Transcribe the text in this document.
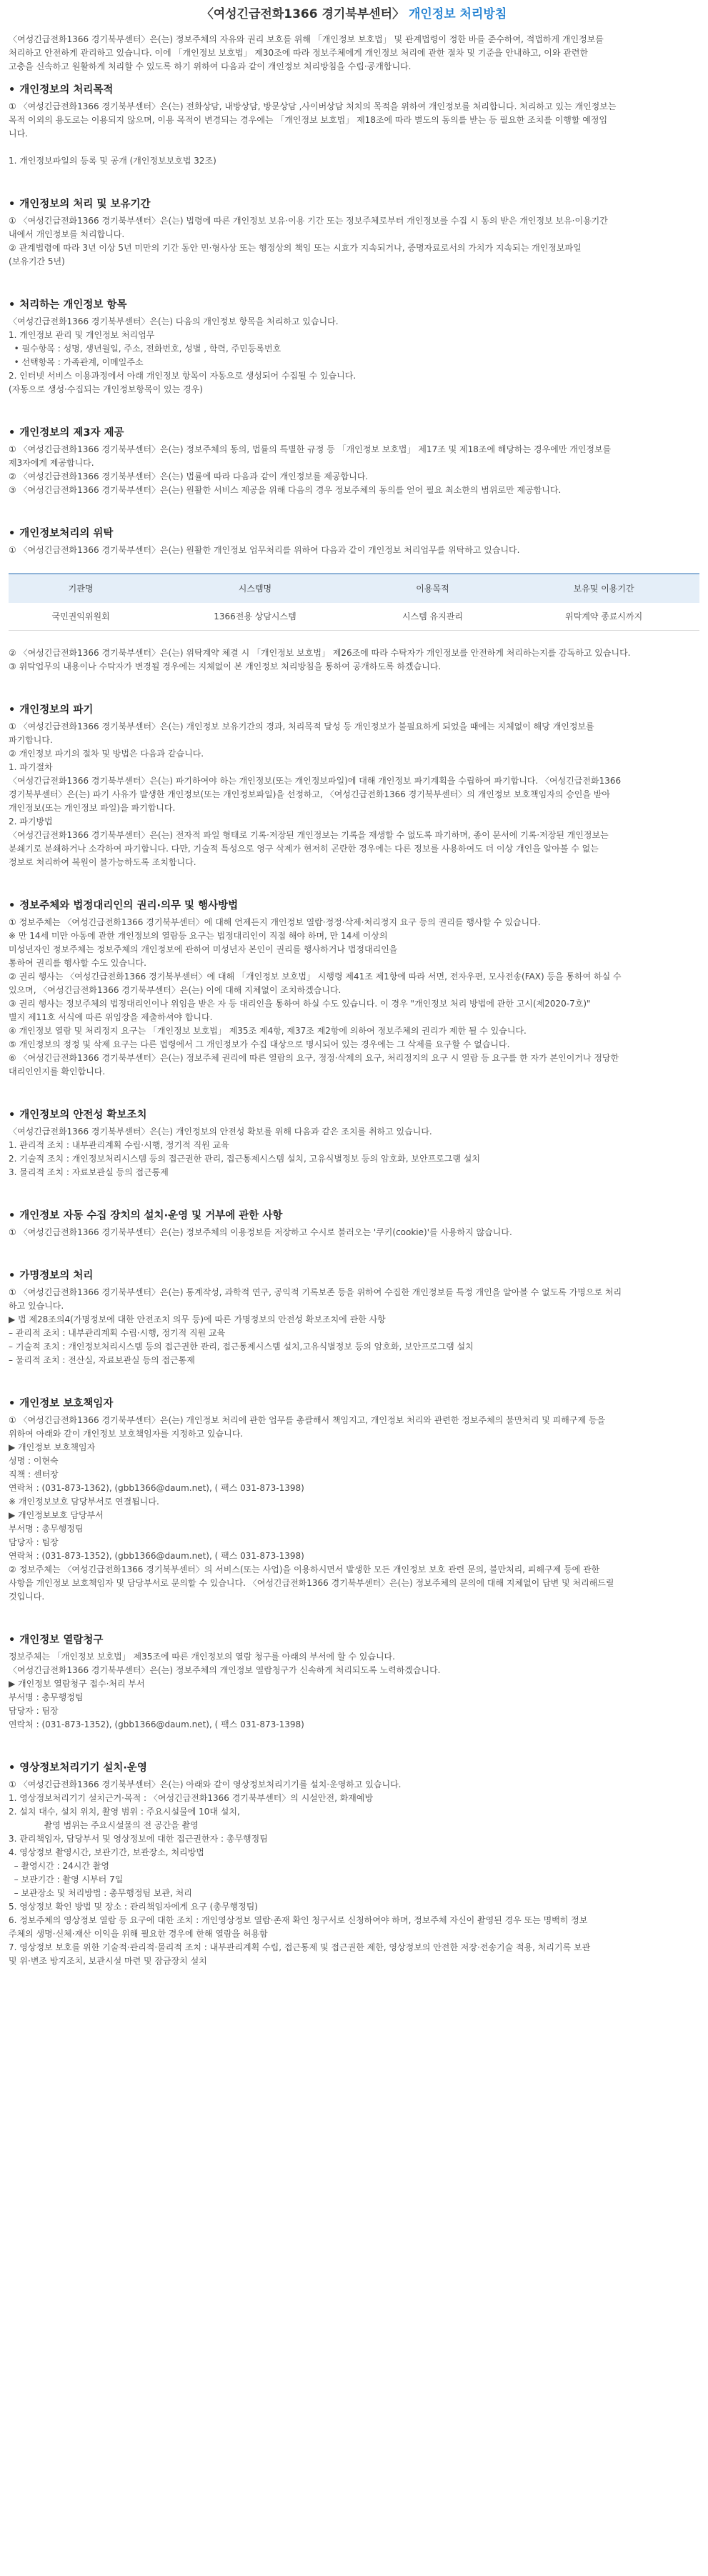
〈여성긴급전화1366 경기북부센터〉 개인정보 처리방침

〈여성긴급전화1366 경기북부센터〉은(는) 정보주체의 자유와 권리 보호를 위해 「개인정보 보호법」 및 관계법령이 정한 바를 준수하여, 적법하게 개인정보를

처리하고 안전하게 관리하고 있습니다. 이에 「개인정보 보호법」 제30조에 따라 정보주체에게 개인정보 처리에 관한 절차 및 기준을 안내하고, 이와 관련한

고충을 신속하고 원활하게 처리할 수 있도록 하기 위하여 다음과 같이 개인정보 처리방침을 수립·공개합니다.

• 개인정보의 처리목적

① 〈여성긴급전화1366 경기북부센터〉은(는) 전화상담, 내방상담, 방문상담 ,사이버상담 처치의 목적을 위하여 개인정보를 처리합니다. 처리하고 있는 개인정보는

목적 이외의 용도로는 이용되지 않으며, 이용 목적이 변경되는 경우에는 「개인정보 보호법」 제18조에 따라 별도의 동의를 받는 등 필요한 조치를 이행할 예정입

니다.

1. 개인정보파일의 등록 및 공개 (개인정보보호법 32조)

• 개인정보의 처리 및 보유기간

① 〈여성긴급전화1366 경기북부센터〉은(는) 법령에 따른 개인정보 보유·이용 기간 또는 정보주체로부터 개인정보를 수집 시 동의 받은 개인정보 보유·이용기간

내에서 개인정보를 처리합니다.

② 관계법령에 따라 3년 이상 5년 미만의 기간 동안 민·형사상 또는 행정상의 책임 또는 시효가 지속되거나, 증명자료로서의 가치가 지속되는 개인정보파일

(보유기간 5년)

• 처리하는 개인정보 항목

〈여성긴급전화1366 경기북부센터〉은(는) 다음의 개인정보 항목을 처리하고 있습니다.

1. 개인정보 관리 및 개인정보 처리업무

• 필수항목 : 성명, 생년월일, 주소, 전화번호, 성별 , 학력, 주민등록번호

• 선택항목 : 가족관계, 이메일주소

2. 인터넷 서비스 이용과정에서 아래 개인정보 항목이 자동으로 생성되어 수집될 수 있습니다.

(자동으로 생성·수집되는 개인정보항목이 있는 경우)

• 개인정보의 제3자 제공

① 〈여성긴급전화1366 경기북부센터〉은(는) 정보주체의 동의, 법률의 특별한 규정 등 「개인정보 보호법」 제17조 및 제18조에 해당하는 경우에만 개인정보를

제3자에게 제공합니다.

② 〈여성긴급전화1366 경기북부센터〉은(는) 법률에 따라 다음과 같이 개인정보를 제공합니다.

③ 〈여성긴급전화1366 경기북부센터〉은(는) 원활한 서비스 제공을 위해 다음의 경우 정보주체의 동의를 얻어 필요 최소한의 범위로만 제공합니다.

• 개인정보처리의 위탁

① 〈여성긴급전화1366 경기북부센터〉은(는) 원활한 개인정보 업무처리를 위하여 다음과 같이 개인정보 처리업무를 위탁하고 있습니다.

기관명	시스템명	이용목적	보유및 이용기간
국민권익위원회	1366전용 상담시스템	시스템 유지관리	위탁계약 종료시까지

② 〈여성긴급전화1366 경기북부센터〉은(는) 위탁계약 체결 시 「개인정보 보호법」 제26조에 따라 수탁자가 개인정보를 안전하게 처리하는지를 감독하고 있습니다.

③ 위탁업무의 내용이나 수탁자가 변경될 경우에는 지체없이 본 개인정보 처리방침을 통하여 공개하도록 하겠습니다.

• 개인정보의 파기

① 〈여성긴급전화1366 경기북부센터〉은(는) 개인정보 보유기간의 경과, 처리목적 달성 등 개인정보가 불필요하게 되었을 때에는 지체없이 해당 개인정보를

파기합니다.

② 개인정보 파기의 절차 및 방법은 다음과 같습니다.

1. 파기절차

〈여성긴급전화1366 경기북부센터〉은(는) 파기하여야 하는 개인정보(또는 개인정보파일)에 대해 개인정보 파기계획을 수립하여 파기합니다. 〈여성긴급전화1366

경기북부센터〉은(는) 파기 사유가 발생한 개인정보(또는 개인정보파일)을 선정하고, 〈여성긴급전화1366 경기북부센터〉의 개인정보 보호책임자의 승인을 받아

개인정보(또는 개인정보 파일)을 파기합니다.

2. 파기방법

〈여성긴급전화1366 경기북부센터〉은(는) 전자적 파일 형태로 기록·저장된 개인정보는 기록을 재생할 수 없도록 파기하며, 종이 문서에 기록·저장된 개인정보는

분쇄기로 분쇄하거나 소각하여 파기합니다. 다만, 기술적 특성으로 영구 삭제가 현저히 곤란한 경우에는 다른 정보를 사용하여도 더 이상 개인을 알아볼 수 없는

정보로 처리하여 복원이 불가능하도록 조치합니다.

• 정보주체와 법정대리인의 권리·의무 및 행사방법

① 정보주체는 〈여성긴급전화1366 경기북부센터〉에 대해 언제든지 개인정보 열람·정정·삭제·처리정지 요구 등의 권리를 행사할 수 있습니다.

※ 만 14세 미만 아동에 관한 개인정보의 열람등 요구는 법정대리인이 직접 해야 하며, 만 14세 이상의

미성년자인 정보주체는 정보주체의 개인정보에 관하여 미성년자 본인이 권리를 행사하거나 법정대리인을

통하여 권리를 행사할 수도 있습니다.

② 권리 행사는 〈여성긴급전화1366 경기북부센터〉에 대해 「개인정보 보호법」 시행령 제41조 제1항에 따라 서면, 전자우편, 모사전송(FAX) 등을 통하여 하실 수

있으며, 〈여성긴급전화1366 경기북부센터〉은(는) 이에 대해 지체없이 조치하겠습니다.

③ 권리 행사는 정보주체의 법정대리인이나 위임을 받은 자 등 대리인을 통하여 하실 수도 있습니다. 이 경우 "개인정보 처리 방법에 관한 고시(제2020-7호)"

별지 제11호 서식에 따른 위임장을 제출하셔야 합니다.

④ 개인정보 열람 및 처리정지 요구는 「개인정보 보호법」 제35조 제4항, 제37조 제2항에 의하여 정보주체의 권리가 제한 될 수 있습니다.

⑤ 개인정보의 정정 및 삭제 요구는 다른 법령에서 그 개인정보가 수집 대상으로 명시되어 있는 경우에는 그 삭제를 요구할 수 없습니다.

⑥ 〈여성긴급전화1366 경기북부센터〉은(는) 정보주체 권리에 따른 열람의 요구, 정정·삭제의 요구, 처리정지의 요구 시 열람 등 요구를 한 자가 본인이거나 정당한

대리인인지를 확인합니다.

• 개인정보의 안전성 확보조치

〈여성긴급전화1366 경기북부센터〉은(는) 개인정보의 안전성 확보를 위해 다음과 같은 조치를 취하고 있습니다.

1. 관리적 조치 : 내부관리계획 수립·시행, 정기적 직원 교육

2. 기술적 조치 : 개인정보처리시스템 등의 접근권한 관리, 접근통제시스템 설치, 고유식별정보 등의 암호화, 보안프로그램 설치

3. 물리적 조치 : 자료보관실 등의 접근통제

• 개인정보 자동 수집 장치의 설치·운영 및 거부에 관한 사항

① 〈여성긴급전화1366 경기북부센터〉은(는) 정보주체의 이용정보를 저장하고 수시로 불러오는 '쿠키(cookie)'를 사용하지 않습니다.

• 가명정보의 처리

① 〈여성긴급전화1366 경기북부센터〉은(는) 통계작성, 과학적 연구, 공익적 기록보존 등을 위하여 수집한 개인정보를 특정 개인을 알아볼 수 없도록 가명으로 처리

하고 있습니다.

▶ 법 제28조의4(가명정보에 대한 안전조치 의무 등)에 따른 가명정보의 안전성 확보조치에 관한 사항

– 관리적 조치 : 내부관리계획 수립·시행, 정기적 직원 교육

– 기술적 조치 : 개인정보처리시스템 등의 접근권한 관리, 접근통제시스템 설치,고유식별정보 등의 암호화, 보안프로그램 설치

– 물리적 조치 : 전산실, 자료보관실 등의 접근통제

• 개인정보 보호책임자

① 〈여성긴급전화1366 경기북부센터〉은(는) 개인정보 처리에 관한 업무를 총괄해서 책임지고, 개인정보 처리와 관련한 정보주체의 불만처리 및 피해구제 등을

위하여 아래와 같이 개인정보 보호책임자를 지정하고 있습니다.

▶ 개인정보 보호책임자

성명 : 이현숙

직책 : 센터장

연락처 : (031-873-1362), (gbb1366@daum.net), ( 팩스 031-873-1398)

※ 개인정보보호 담당부서로 연결됩니다.

▶ 개인정보보호 담당부서

부서명 : 총무행정팀

담당자 : 팀장

연락처 : (031-873-1352), (gbb1366@daum.net), ( 팩스 031-873-1398)

② 정보주체는 〈여성긴급전화1366 경기북부센터〉의 서비스(또는 사업)을 이용하시면서 발생한 모든 개인정보 보호 관련 문의, 불만처리, 피해구제 등에 관한

사항을 개인정보 보호책임자 및 담당부서로 문의할 수 있습니다. 〈여성긴급전화1366 경기북부센터〉은(는) 정보주체의 문의에 대해 지체없이 답변 및 처리해드릴

것입니다.

• 개인정보 열람청구

정보주체는 「개인정보 보호법」 제35조에 따른 개인정보의 열람 청구를 아래의 부서에 할 수 있습니다.

〈여성긴급전화1366 경기북부센터〉은(는) 정보주체의 개인정보 열람청구가 신속하게 처리되도록 노력하겠습니다.

▶ 개인정보 열람청구 접수·처리 부서

부서명 : 총무행정팀

담당자 : 팀장

연락처 : (031-873-1352), (gbb1366@daum.net), ( 팩스 031-873-1398)

• 영상정보처리기기 설치·운영

① 〈여성긴급전화1366 경기북부센터〉은(는) 아래와 같이 영상정보처리기기를 설치·운영하고 있습니다.

1. 영상정보처리기기 설치근거·목적 : 〈여성긴급전화1366 경기북부센터〉의 시설안전, 화재예방

2. 설치 대수, 설치 위치, 촬영 범위 : 주요시설물에 10대 설치,

촬영 범위는 주요시설물의 전 공간을 촬영

3. 관리책임자, 담당부서 및 영상정보에 대한 접근권한자 : 총무행정팀

4. 영상정보 촬영시간, 보관기간, 보관장소, 처리방법

– 촬영시간 : 24시간 촬영

– 보관기간 : 촬영 시부터 7일

– 보관장소 및 처리방법 : 총무행정팀 보관, 처리

5. 영상정보 확인 방법 및 장소 : 관리책임자에게 요구 (총무행정팀)

6. 정보주체의 영상정보 열람 등 요구에 대한 조치 : 개인영상정보 열람·존재 확인 청구서로 신청하여야 하며, 정보주체 자신이 촬영된 경우 또는 명백히 정보

주체의 생명·신체·재산 이익을 위해 필요한 경우에 한해 열람을 허용함

7. 영상정보 보호를 위한 기술적·관리적·물리적 조치 : 내부관리계획 수립, 접근통제 및 접근권한 제한, 영상정보의 안전한 저장·전송기술 적용, 처리기록 보관

및 위·변조 방지조치, 보관시설 마련 및 잠금장치 설치
